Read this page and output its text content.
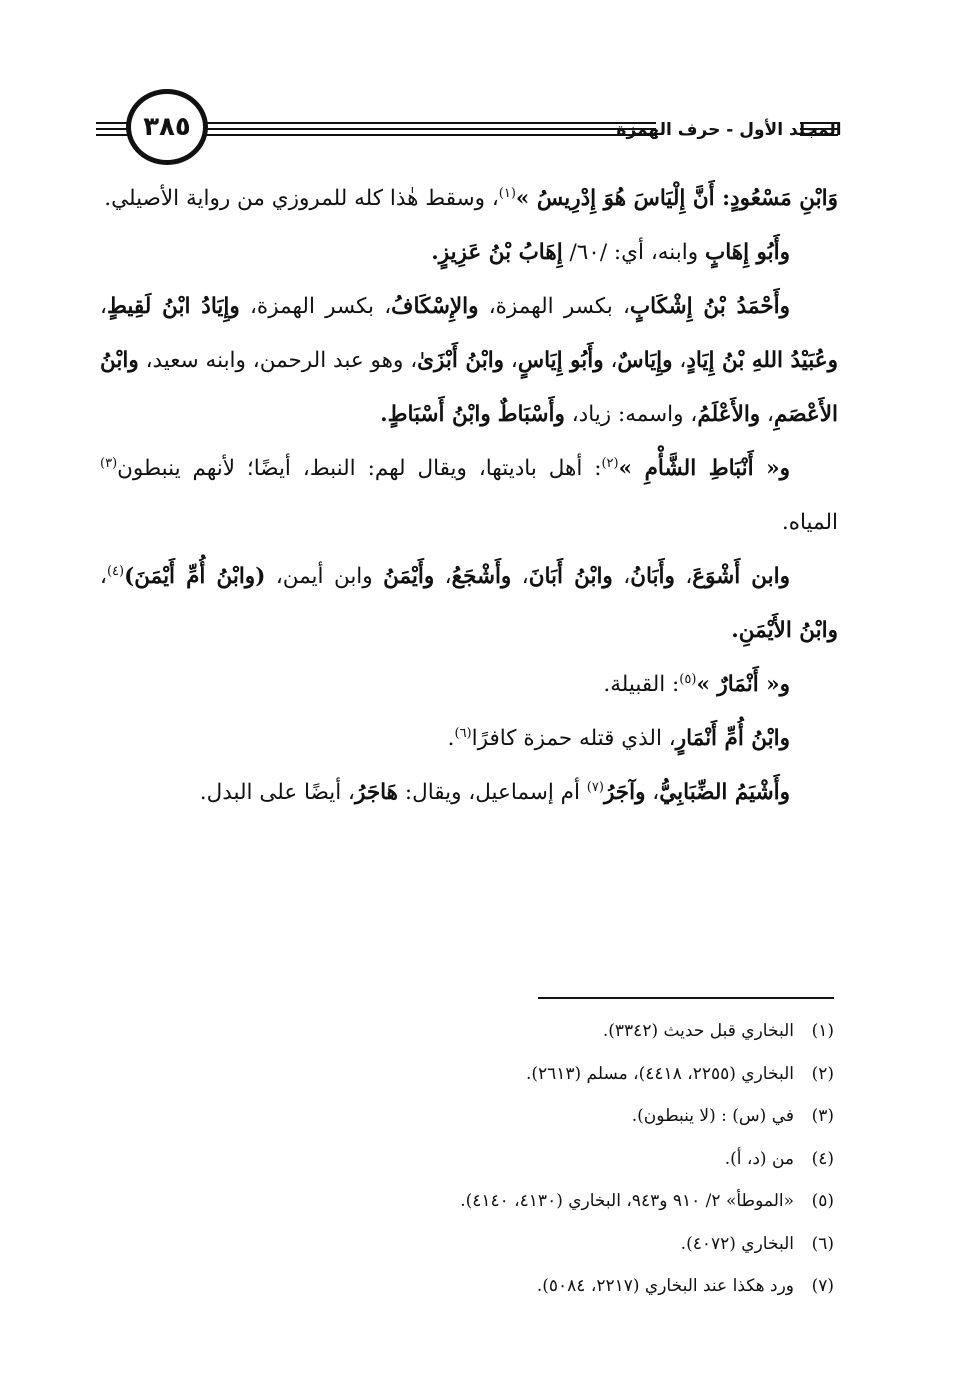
٣٨٥	المجلد الأول - حرف الهمزة

وَابْنِ مَسْعُودٍ: أَنَّ إِلْيَاسَ هُوَ إِدْرِيسُ »$^{(١)}$، وسقط هٰذا كله للمروزي من رواية الأصيلي.

وأَبُو إِهَابٍ وابنه، أي: /٦٠/ إِهَابُ بْنُ عَزِيزٍ.

وأَحْمَدُ بْنُ إِشْكَابٍ، بكسر الهمزة، والإِسْكَافُ، بكسر الهمزة، وإِيَادُ ابْنُ لَقِيطٍ، وعُبَيْدُ اللهِ بْنُ إِيَادٍ، وإِيَاسٌ، وأَبُو إِيَاسٍ، وابْنُ أَبْزَىٰ، وهو عبد الرحمن، وابنه سعيد، وابْنُ الأَعْصَمِ، والأَعْلَمُ، واسمه: زياد، وأَسْبَاطٌ وابْنُ أَسْبَاطٍ.

و« أَنْبَاطِ الشَّأْمِ »$^{(٢)}$: أهل باديتها، ويقال لهم: النبط، أيضًا؛ لأنهم ينبطون$^{(٣)}$ المياه.

وابن أَشْوَعَ، وأَبَانُ، وابْنُ أَبَانَ، وأَشْجَعُ، وأَيْمَنُ وابن أيمن، (وابْنُ أُمِّ أَيْمَنَ)$^{(٤)}$، وابْنُ الأَيْمَنِ.

و« أَنْمَارٌ »$^{(٥)}$: القبيلة.

وابْنُ أُمِّ أَنْمَارٍ، الذي قتله حمزة كافرًا$^{(٦)}$.

وأَشْيَمُ الضِّبَابِيُّ، وآجَرُ$^{(٧)}$ أم إسماعيل، ويقال: هَاجَرُ، أيضًا على البدل.

(١)
البخاري قبل حديث (٣٣٤٢).
(٢)
البخاري (٢٢٥٥، ٤٤١٨)، مسلم (٢٦١٣).
(٣)
في (س) : (لا ينبطون).
(٤)
من (د، أ).
(٥)
«الموطأ» ٢/ ٩١٠ و٩٤٣، البخاري (٤١٣٠، ٤١٤٠).
(٦)
البخاري (٤٠٧٢).
(٧)
ورد هكذا عند البخاري (٢٢١٧، ٥٠٨٤).
